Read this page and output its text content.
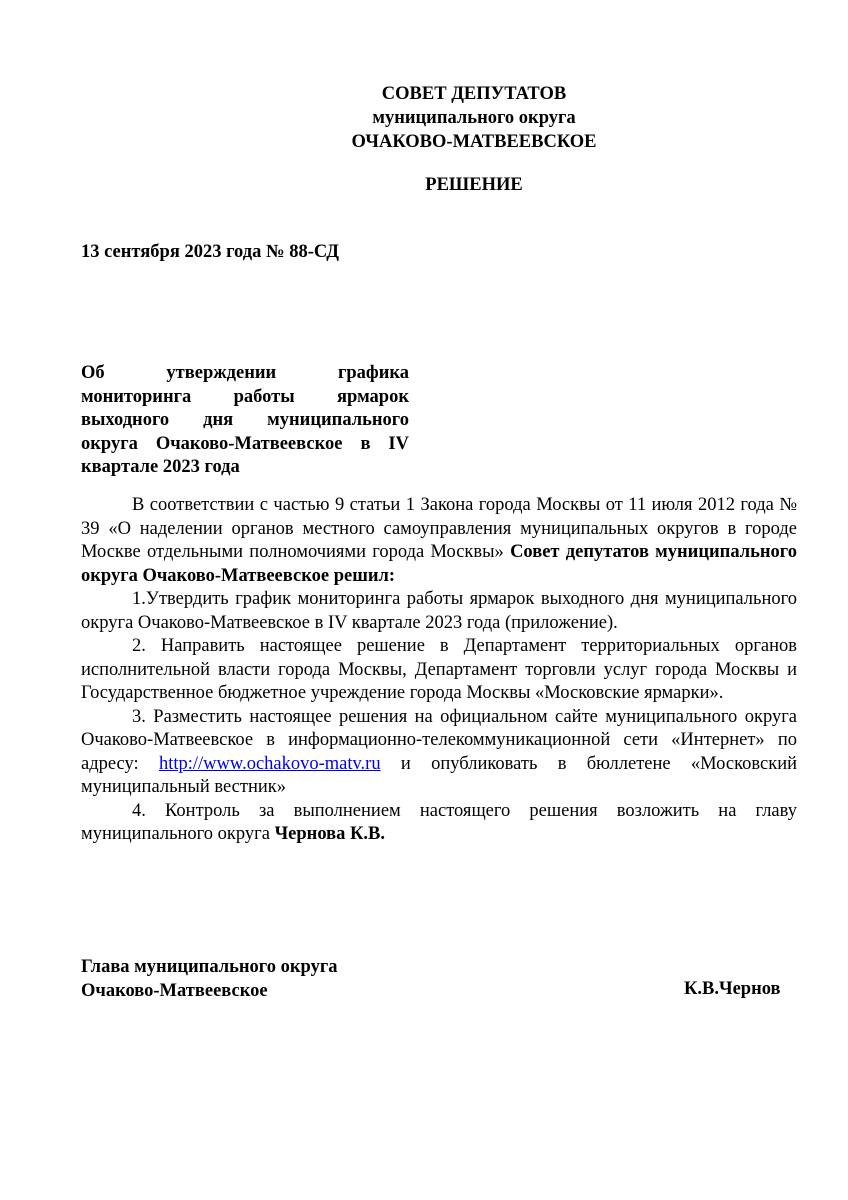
СОВЕТ ДЕПУТАТОВ
муниципального округа
ОЧАКОВО-МАТВЕЕВСКОЕ
РЕШЕНИЕ
13 сентября 2023 года № 88-СД
Об утверждении графика мониторинга работы ярмарок выходного дня муниципального округа Очаково-Матвеевское в IV квартале 2023 года

В соответствии с частью 9 статьи 1 Закона города Москвы от 11 июля 2012 года № 39 «О наделении органов местного самоуправления муниципальных округов в городе Москве отдельными полномочиями города Москвы» Совет депутатов муниципального округа Очаково-Матвеевское решил:

1.Утвердить график мониторинга работы ярмарок выходного дня муниципального округа Очаково-Матвеевское в IV квартале 2023 года (приложение).

2. Направить настоящее решение в Департамент территориальных органов исполнительной власти города Москвы, Департамент торговли услуг города Москвы и Государственное бюджетное учреждение города Москвы «Московские ярмарки».

3. Разместить настоящее решения на официальном сайте муниципального округа Очаково-Матвеевское в информационно-телекоммуникационной сети «Интернет» по адресу: http://www.ochakovo-matv.ru и опубликовать в бюллетене «Московский муниципальный вестник»

4. Контроль за выполнением настоящего решения возложить на главу муниципального округа Чернова К.В.

Глава муниципального округа
Очаково-Матвеевское	К.В.Чернов
